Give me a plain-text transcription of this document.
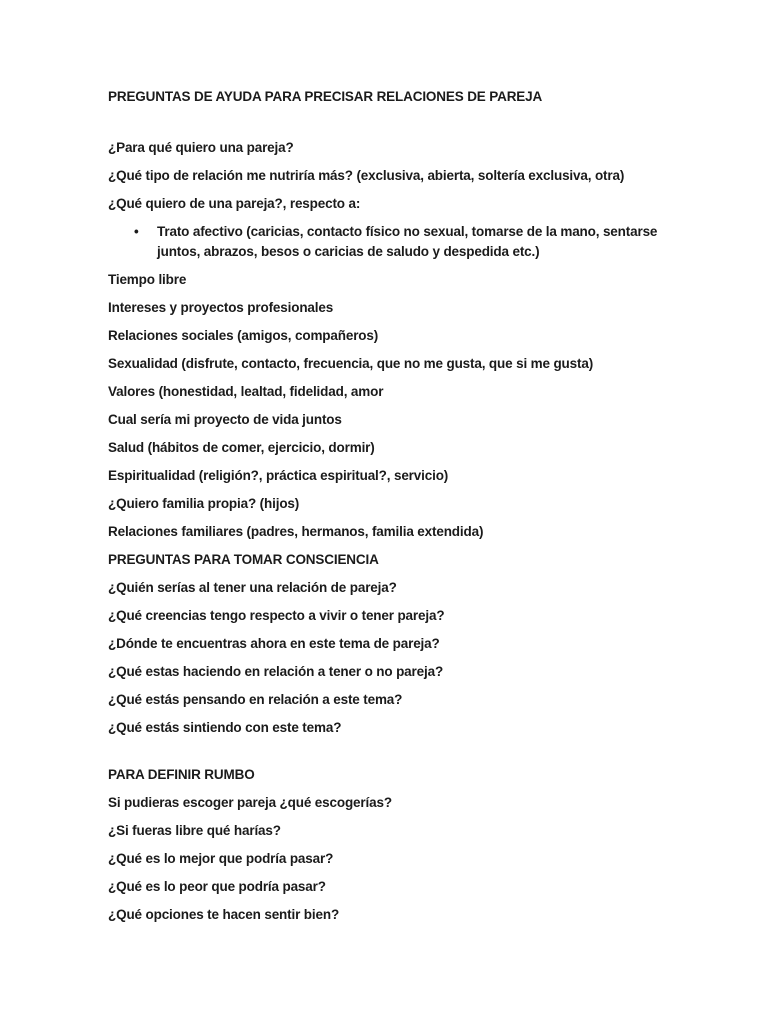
PREGUNTAS DE AYUDA PARA PRECISAR RELACIONES DE PAREJA

¿Para qué quiero una pareja?

¿Qué tipo de relación me nutriría más? (exclusiva, abierta, soltería exclusiva, otra)

¿Qué quiero de una pareja?, respecto a:

•	Trato afectivo (caricias, contacto físico no sexual, tomarse de la mano, sentarse juntos, abrazos, besos o caricias de saludo y despedida etc.)

Tiempo libre

Intereses y proyectos profesionales

Relaciones sociales (amigos, compañeros)

Sexualidad (disfrute, contacto, frecuencia, que no me gusta, que si me gusta)

Valores (honestidad, lealtad, fidelidad, amor

Cual sería mi proyecto de vida juntos

Salud (hábitos de comer, ejercicio, dormir)

Espiritualidad (religión?, práctica espiritual?, servicio)

¿Quiero familia propia? (hijos)

Relaciones familiares (padres, hermanos, familia extendida)

PREGUNTAS PARA TOMAR CONSCIENCIA

¿Quién serías al tener una relación de pareja?

¿Qué creencias tengo respecto a vivir o tener pareja?

¿Dónde te encuentras ahora en este tema de pareja?

¿Qué estas haciendo en relación a tener o no pareja?

¿Qué estás pensando en relación a este tema?

¿Qué estás sintiendo con este tema?

PARA DEFINIR RUMBO

Si pudieras escoger pareja ¿qué escogerías?

¿Si fueras libre qué harías?

¿Qué es lo mejor que podría pasar?

¿Qué es lo peor que podría pasar?

¿Qué opciones te hacen sentir bien?
